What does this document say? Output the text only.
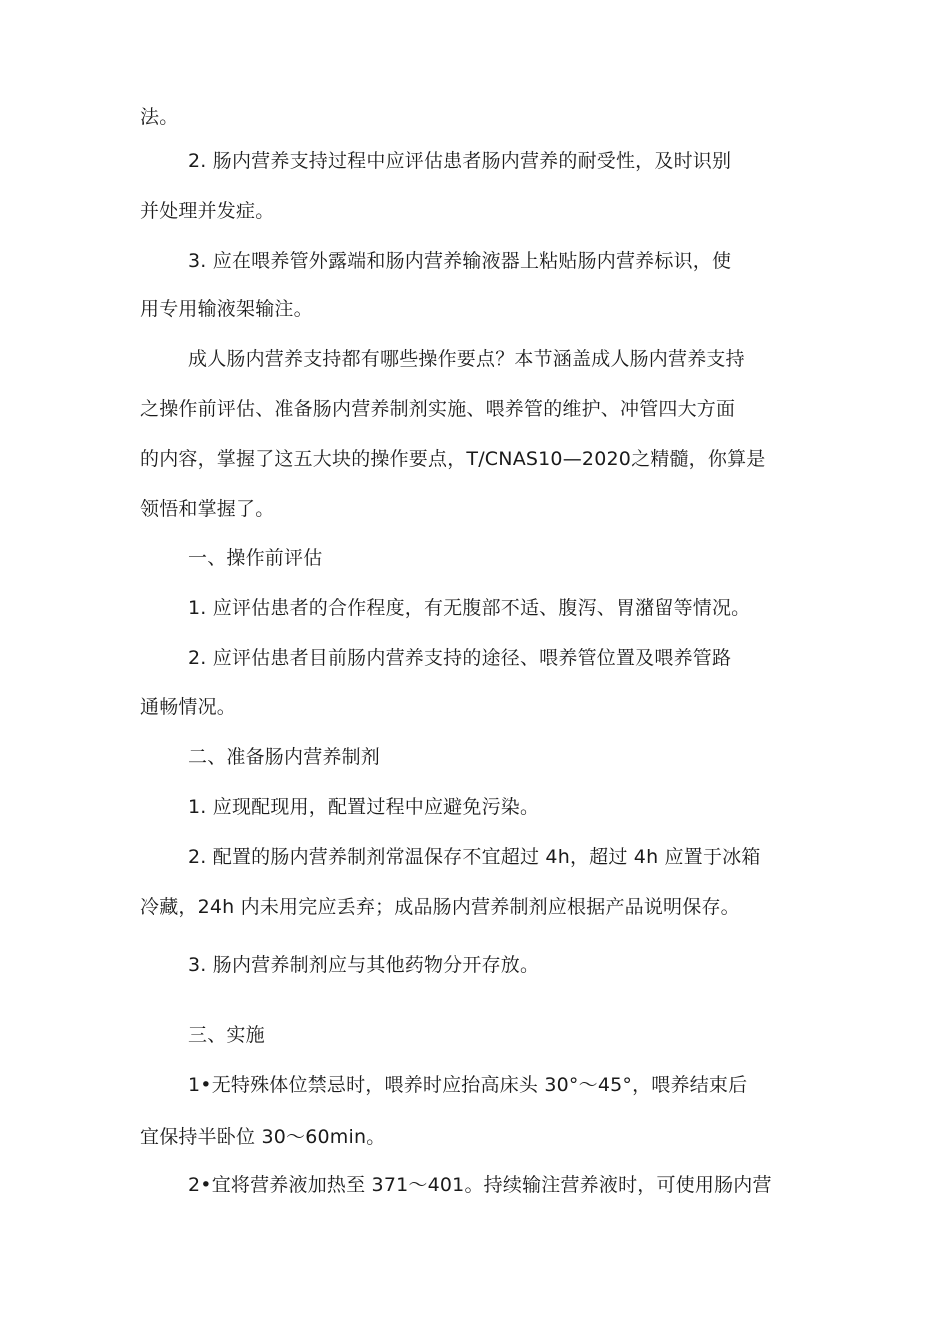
法。
2. 肠内营养支持过程中应评估患者肠内营养的耐受性，及时识别
并处理并发症。
3. 应在喂养管外露端和肠内营养输液器上粘贴肠内营养标识，使
用专用输液架输注。
成人肠内营养支持都有哪些操作要点？本节涵盖成人肠内营养支持
之操作前评估、准备肠内营养制剂实施、喂养管的维护、冲管四大方面
的内容，掌握了这五大块的操作要点，T/CNAS10—2020之精髓，你算是
领悟和掌握了。
一、操作前评估
1. 应评估患者的合作程度，有无腹部不适、腹泻、胃潴留等情况。
2. 应评估患者目前肠内营养支持的途径、喂养管位置及喂养管路
通畅情况。
二、准备肠内营养制剂
1. 应现配现用，配置过程中应避免污染。
2. 配置的肠内营养制剂常温保存不宜超过 4h，超过 4h 应置于冰箱
冷藏，24h 内未用完应丢弃；成品肠内营养制剂应根据产品说明保存。
3. 肠内营养制剂应与其他药物分开存放。
三、实施
1•无特殊体位禁忌时，喂养时应抬高床头 30°～45°，喂养结束后
宜保持半卧位 30～60min。
2•宜将营养液加热至 371～401。持续输注营养液时，可使用肠内营
